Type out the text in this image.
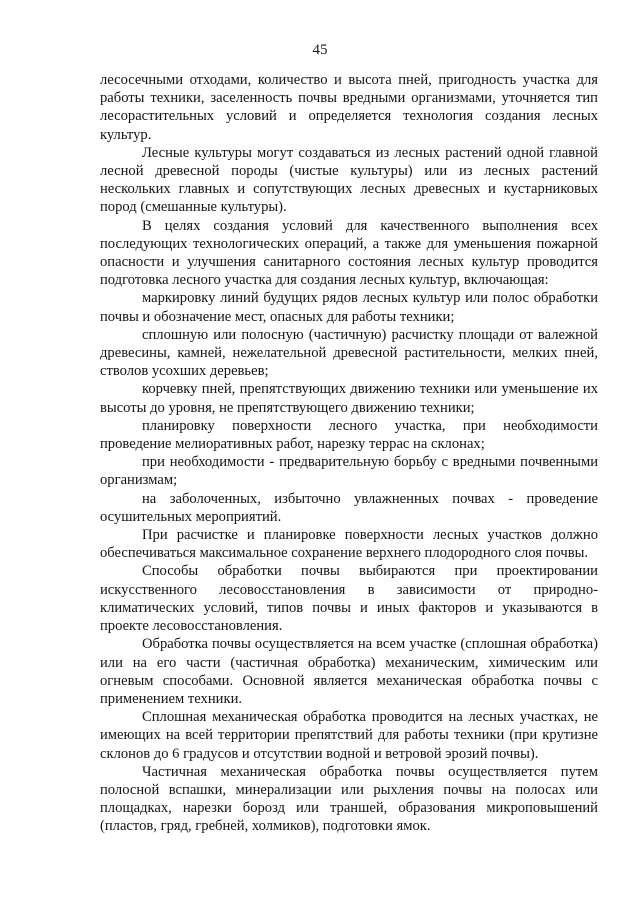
45

лесосечными отходами, количество и высота пней, пригодность участка для работы техники, заселенность почвы вредными организмами, уточняется тип лесорастительных условий и определяется технология создания лесных культур.

Лесные культуры могут создаваться из лесных растений одной главной лесной древесной породы (чистые культуры) или из лесных растений нескольких главных и сопутствующих лесных древесных и кустарниковых пород (смешанные культуры).

В целях создания условий для качественного выполнения всех последующих технологических операций, а также для уменьшения пожарной опасности и улучшения санитарного состояния лесных культур проводится подготовка лесного участка для создания лесных культур, включающая:

маркировку линий будущих рядов лесных культур или полос обработки почвы и обозначение мест, опасных для работы техники;

сплошную или полосную (частичную) расчистку площади от валежной древесины, камней, нежелательной древесной растительности, мелких пней, стволов усохших деревьев;

корчевку пней, препятствующих движению техники или уменьшение их высоты до уровня, не препятствующего движению техники;

планировку поверхности лесного участка, при необходимости проведение мелиоративных работ, нарезку террас на склонах;

при необходимости - предварительную борьбу с вредными почвенными организмам;

на заболоченных, избыточно увлажненных почвах - проведение осушительных мероприятий.

При расчистке и планировке поверхности лесных участков должно обеспечиваться максимальное сохранение верхнего плодородного слоя почвы.

Способы обработки почвы выбираются при проектировании искусственного лесовосстановления в зависимости от природно-климатических условий, типов почвы и иных факторов и указываются в проекте лесовосстановления.

Обработка почвы осуществляется на всем участке (сплошная обработка) или на его части (частичная обработка) механическим, химическим или огневым способами. Основной является механическая обработка почвы с применением техники.

Сплошная механическая обработка проводится на лесных участках, не имеющих на всей территории препятствий для работы техники (при крутизне склонов до 6 градусов и отсутствии водной и ветровой эрозий почвы).

Частичная механическая обработка почвы осуществляется путем полосной вспашки, минерализации или рыхления почвы на полосах или площадках, нарезки борозд или траншей, образования микроповышений (пластов, гряд, гребней, холмиков), подготовки ямок.
